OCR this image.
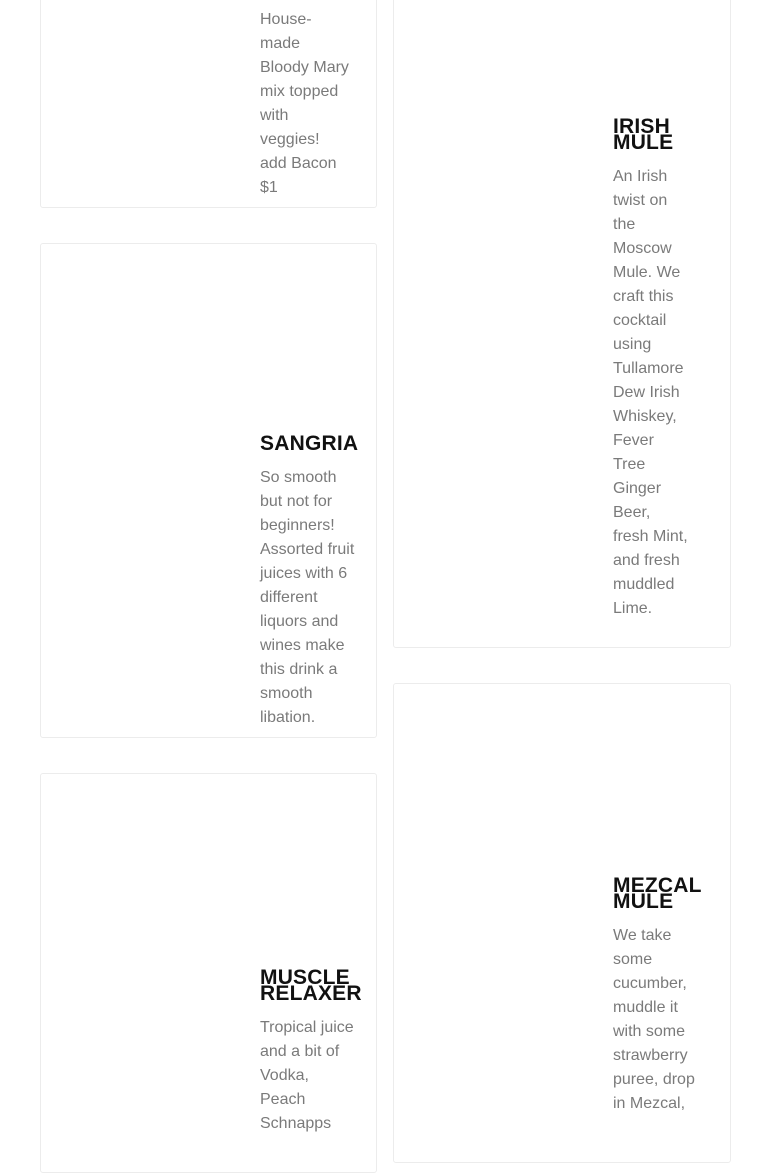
House-made Bloody Mary mix topped with veggies! add Bacon $1

IRISH
MULE

An Irish twist on the Moscow Mule. We craft this cocktail using Tullamore Dew Irish Whiskey, Fever Tree Ginger Beer, fresh Mint, and fresh muddled Lime.

SANGRIA

So smooth but not for beginners! Assorted fruit juices with 6 different liquors and wines make this drink a smooth libation.

MEZCAL
MULE

We take some cucumber, muddle it with some strawberry puree, drop in Mezcal,

MUSCLE
RELAXER

Tropical juice and a bit of Vodka, Peach Schnapps
